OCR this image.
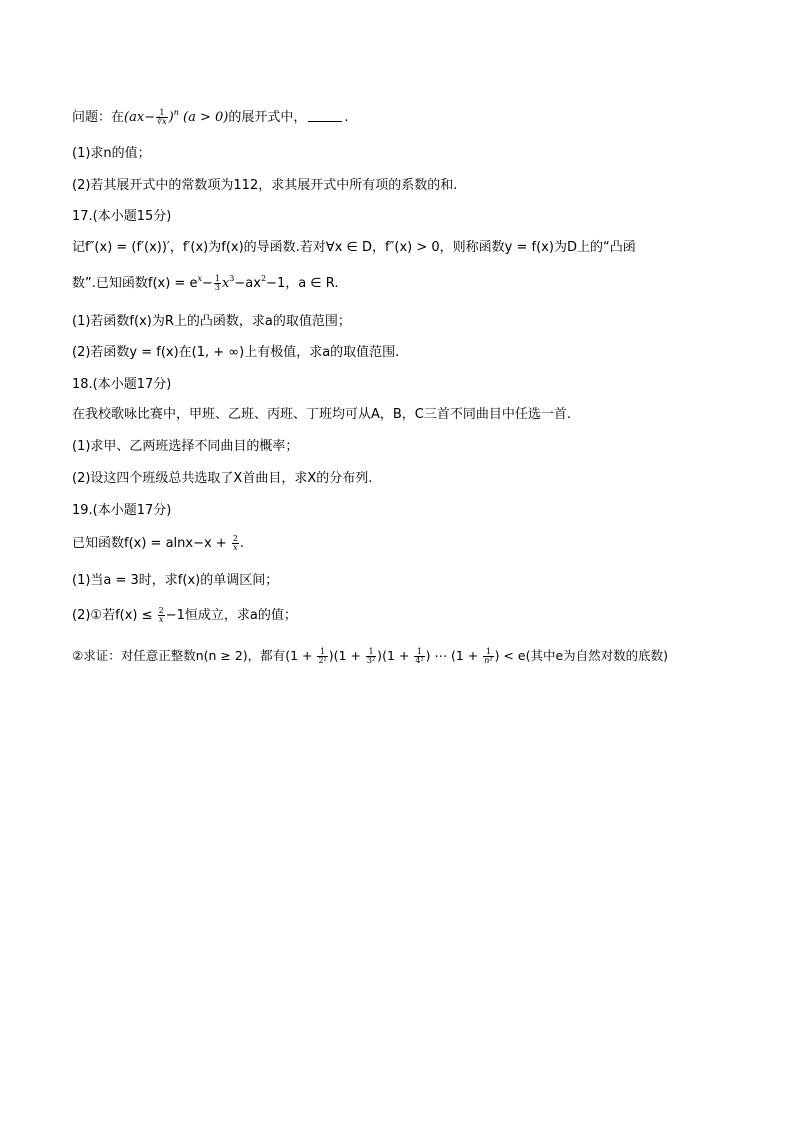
问题：在$(ax- \frac{1}{∛x} )^n$ (a > 0)的展开式中，	.
(1)求n的值；
(2)若其展开式中的常数项为112，求其展开式中所有项的系数的和.
17.(本小题15分)
记f″(x) = (f′(x))′，f′(x)为f(x)的导函数.若对∀x ∈ D，f″(x) > 0，则称函数y = f(x)为D上的“凸函
数”.已知函数$f(x) = e^x- \frac{1}{3} x^3-ax^2-1$，a ∈ R.
(1)若函数f(x)为R上的凸函数，求a的取值范围；
(2)若函数y = f(x)在(1, + ∞)上有极值，求a的取值范围.
18.(本小题17分)
在我校歌咏比赛中，甲班、乙班、丙班、丁班均可从A，B，C三首不同曲目中任选一首.
(1)求甲、乙两班选择不同曲目的概率；
(2)设这四个班级总共选取了X首曲目，求X的分布列.
19.(本小题17分)
已知函数$f(x) = alnx-x + \frac{2}{x}$ .
(1)当a = 3时，求f(x)的单调区间；
(2)①若$f(x) \le \frac{2}{x} -1$恒成立，求a的值；
②求证：对任意正整数n(n ≥ 2)，都有$(1 + \frac{1}{\text{2²}} )(1 + \frac{1}{\text{3²}} )(1 + \frac{1}{\text{4²}}$ ) ⋯ ($1 + \frac{1}{\text{n²}}$ ) < e(其中e为自然对数的底数)
